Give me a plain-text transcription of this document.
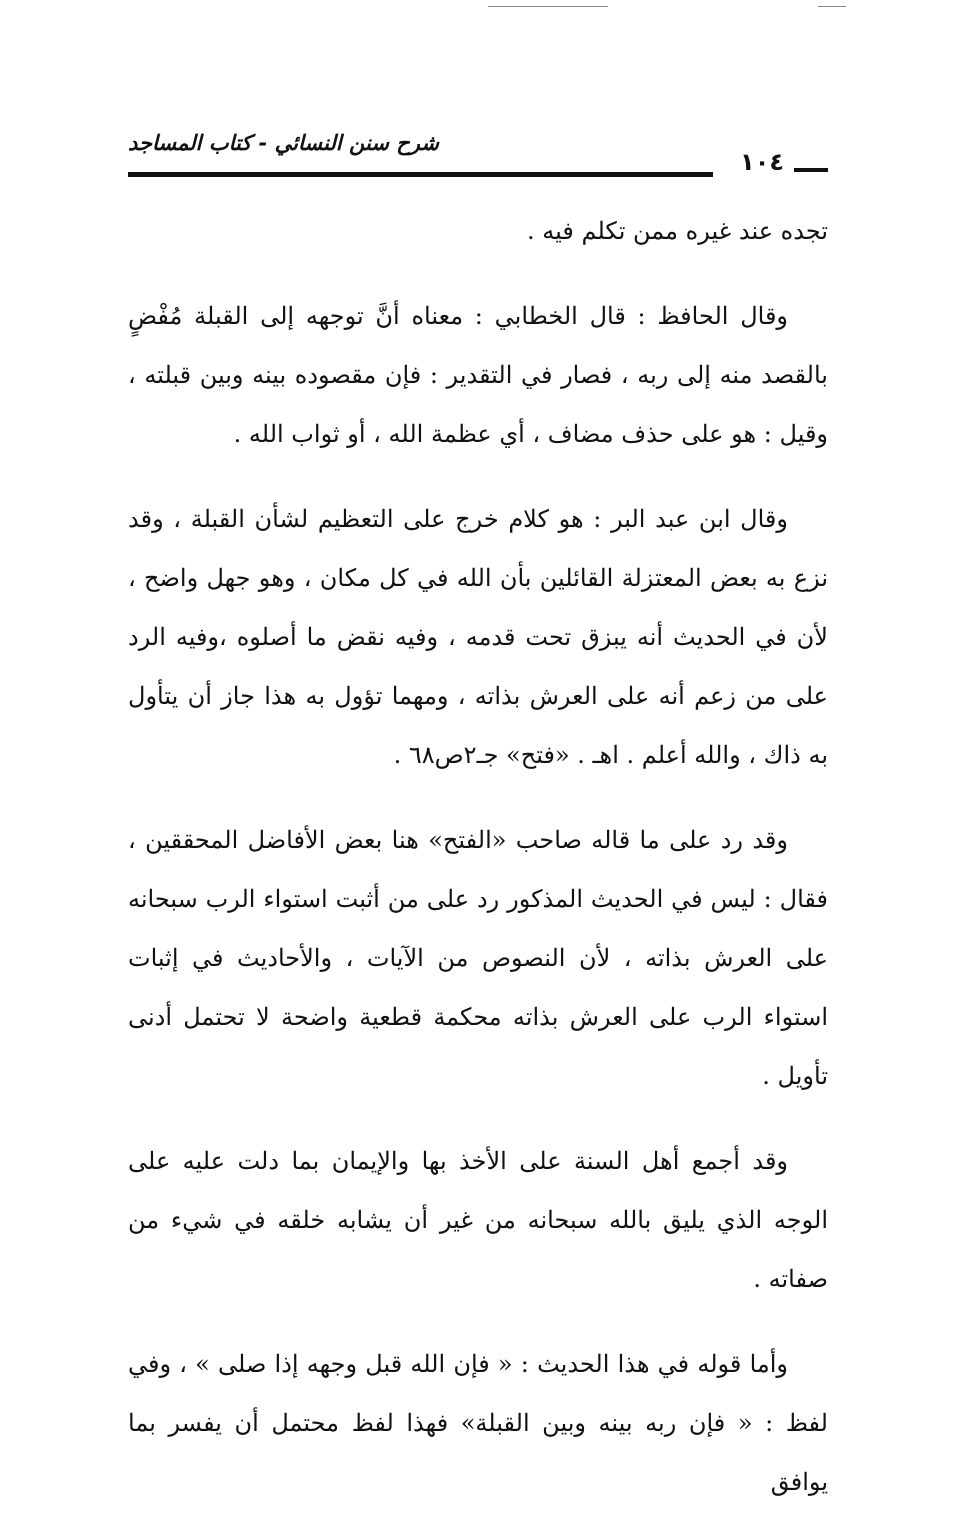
شرح سنن النسائي - كتاب المساجد
١٠٤

تجده عند غيره ممن تكلم فيه .

وقال الحافظ : قال الخطابي : معناه أنَّ توجهه إلى القبلة مُفْضٍ بالقصد منه إلى ربه ، فصار في التقدير : فإن مقصوده بينه وبين قبلته ، وقيل : هو على حذف مضاف ، أي عظمة الله ، أو ثواب الله .

وقال ابن عبد البر : هو كلام خرج على التعظيم لشأن القبلة ، وقد نزع به بعض المعتزلة القائلين بأن الله في كل مكان ، وهو جهل واضح ، لأن في الحديث أنه يبزق تحت قدمه ، وفيه نقض ما أصلوه ،وفيه الرد على من زعم أنه على العرش بذاته ، ومهما تؤول به هذا جاز أن يتأول به ذاك ، والله أعلم . اهـ . «فتح» جـ٢ص٦٨ .

وقد رد على ما قاله صاحب «الفتح» هنا بعض الأفاضل المحققين ، فقال : ليس في الحديث المذكور رد على من أثبت استواء الرب سبحانه على العرش بذاته ، لأن النصوص من الآيات ، والأحاديث في إثبات استواء الرب على العرش بذاته محكمة قطعية واضحة لا تحتمل أدنى تأويل .

وقد أجمع أهل السنة على الأخذ بها والإيمان بما دلت عليه على الوجه الذي يليق بالله سبحانه من غير أن يشابه خلقه في شيء من صفاته .

وأما قوله في هذا الحديث : « فإن الله قبل وجهه إذا صلى » ، وفي لفظ : « فإن ربه بينه وبين القبلة» فهذا لفظ محتمل أن يفسر بما يوافق
